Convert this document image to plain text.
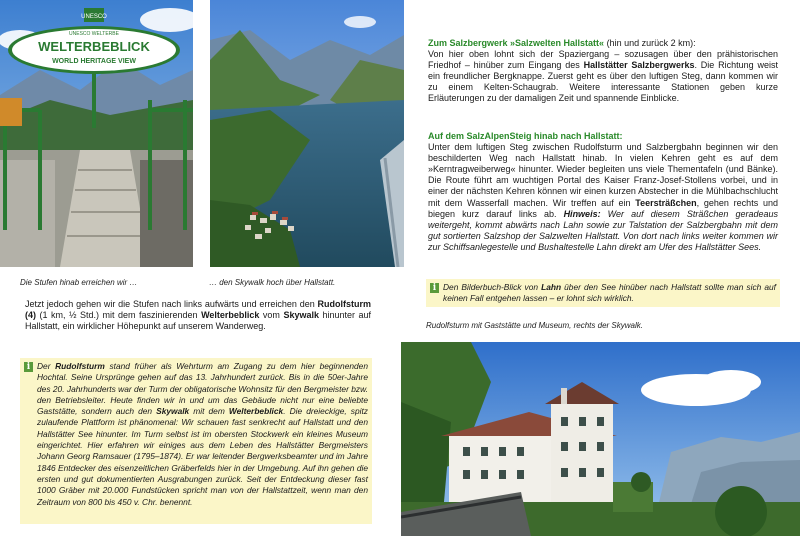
UNESCO
UNESCO WELTERBE
WELTERBEBLICK
WORLD HERITAGE VIEW
Die Stufen hinab erreichen wir …	… den Skywalk hoch über Hallstatt.
Rudolfsturm mit Gaststätte und Museum, rechts der Skywalk.
Jetzt jedoch gehen wir die Stufen nach links aufwärts und erreichen den Rudolfsturm (4) (1 km, ½ Std.) mit dem faszinierenden Welterbeblick vom Skywalk hinunter auf Hallstatt, ein wirklicher Höhepunkt auf unserem Wanderweg.
i Der Rudolfsturm stand früher als Wehrturm am Zugang zu dem hier beginnenden Hochtal. Seine Ursprünge gehen auf das 13. Jahrhundert zurück. Bis in die 50er-Jahre des 20. Jahrhunderts war der Turm der obligatorische Wohnsitz für den Bergmeister bzw. den Betriebsleiter. Heute finden wir in und um das Gebäude nicht nur eine beliebte Gaststätte, sondern auch den Skywalk mit dem Welterbeblick. Die dreieckige, spitz zulaufende Plattform ist phänomenal: Wir schauen fast senkrecht auf Hallstatt und den Hallstätter See hinunter. Im Turm selbst ist im obersten Stockwerk ein kleines Museum eingerichtet. Hier erfahren wir einiges aus dem Leben des Hallstätter Bergmeisters Johann Georg Ramsauer (1795–1874). Er war leitender Bergwerksbeamter und im Jahre 1846 Entdecker des eisenzeitlichen Gräberfelds hier in der Umgebung. Auf ihn gehen die ersten und gut dokumentierten Ausgrabungen zurück. Seit der Entdeckung dieser fast 1000 Gräber mit 20.000 Fundstücken spricht man von der Hallstattzeit, wenn man den Zeitraum von 800 bis 450 v. Chr. benennt.
Zum Salzbergwerk »Salzwelten Hallstatt« (hin und zurück 2 km):
Von hier oben lohnt sich der Spaziergang – sozusagen über den prähistorischen Friedhof – hinüber zum Eingang des Hallstätter Salzbergwerks. Die Richtung weist ein freundlicher Bergknappe. Zuerst geht es über den luftigen Steg, dann kommen wir zu einem Kelten-Schaugrab. Weitere interessante Stationen geben kurze Erläuterungen zu der damaligen Zeit und spannende Einblicke.
Auf dem SalzAlpenSteig hinab nach Hallstatt:
Unter dem luftigen Steg zwischen Rudolfsturm und Salzbergbahn beginnen wir den beschilderten Weg nach Hallstatt hinab. In vielen Kehren geht es auf dem »Kerntragweiberweg« hinunter. Wieder begleiten uns viele Thementafeln (und Bänke). Die Route führt am wuchtigen Portal des Kaiser Franz-Josef-Stollens vorbei, und in einer der nächsten Kehren können wir einen kurzen Abstecher in die Mühlbachschlucht mit dem Wasserfall machen. Wir treffen auf ein Teersträßchen, gehen rechts und biegen kurz darauf links ab. Hinweis: Wer auf diesem Sträßchen geradeaus weitergeht, kommt abwärts nach Lahn sowie zur Talstation der Salzbergbahn mit dem gut sortierten Salzshop der Salzwelten Hallstatt. Von dort nach links weiter kommen wir zur Schiffsanlegestelle und Bushaltestelle Lahn direkt am Ufer des Hallstätter Sees.
i Den Bilderbuch-Blick von Lahn über den See hinüber nach Hallstatt sollte man sich auf keinen Fall entgehen lassen – er lohnt sich wirklich.
